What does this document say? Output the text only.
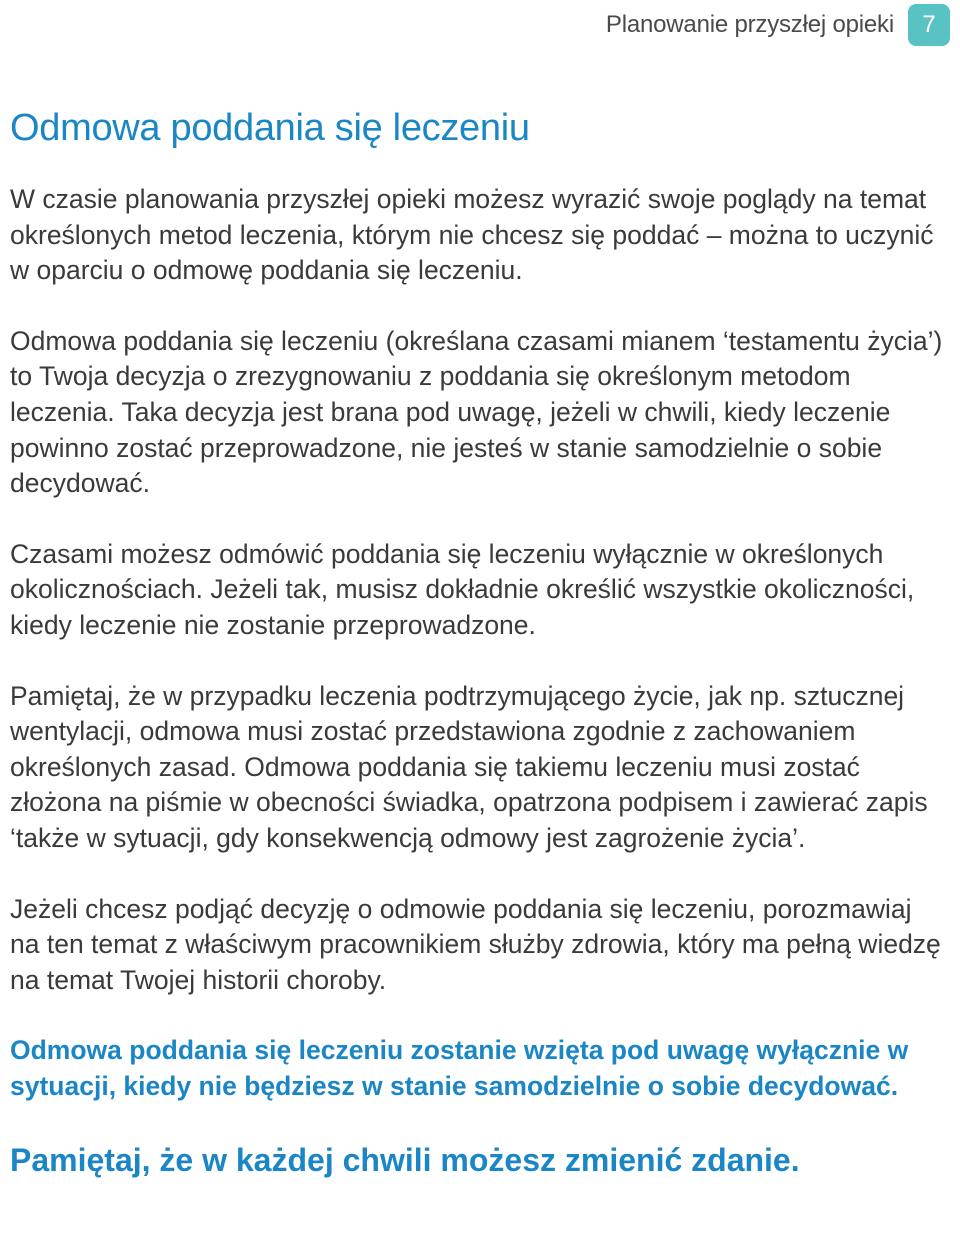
Planowanie przyszłej opieki	7
Odmowa poddania się leczeniu

W czasie planowania przyszłej opieki możesz wyrazić swoje poglądy na temat określonych metod leczenia, którym nie chcesz się poddać – można to uczynić w oparciu o odmowę poddania się leczeniu.

Odmowa poddania się leczeniu (określana czasami mianem ‘testamentu życia’) to Twoja decyzja o zrezygnowaniu z poddania się określonym metodom leczenia. Taka decyzja jest brana pod uwagę, jeżeli w chwili, kiedy leczenie powinno zostać przeprowadzone, nie jesteś w stanie samodzielnie o sobie decydować.

Czasami możesz odmówić poddania się leczeniu wyłącznie w określonych okolicznościach. Jeżeli tak, musisz dokładnie określić wszystkie okoliczności, kiedy leczenie nie zostanie przeprowadzone.

Pamiętaj, że w przypadku leczenia podtrzymującego życie, jak np. sztucznej wentylacji, odmowa musi zostać przedstawiona zgodnie z zachowaniem określonych zasad. Odmowa poddania się takiemu leczeniu musi zostać złożona na piśmie w obecności świadka, opatrzona podpisem i zawierać zapis ‘także w sytuacji, gdy konsekwencją odmowy jest zagrożenie życia’.

Jeżeli chcesz podjąć decyzję o odmowie poddania się leczeniu, porozmawiaj na ten temat z właściwym pracownikiem służby zdrowia, który ma pełną wiedzę na temat Twojej historii choroby.

Odmowa poddania się leczeniu zostanie wzięta pod uwagę wyłącznie w sytuacji, kiedy nie będziesz w stanie samodzielnie o sobie decydować.

Pamiętaj, że w każdej chwili możesz zmienić zdanie.
